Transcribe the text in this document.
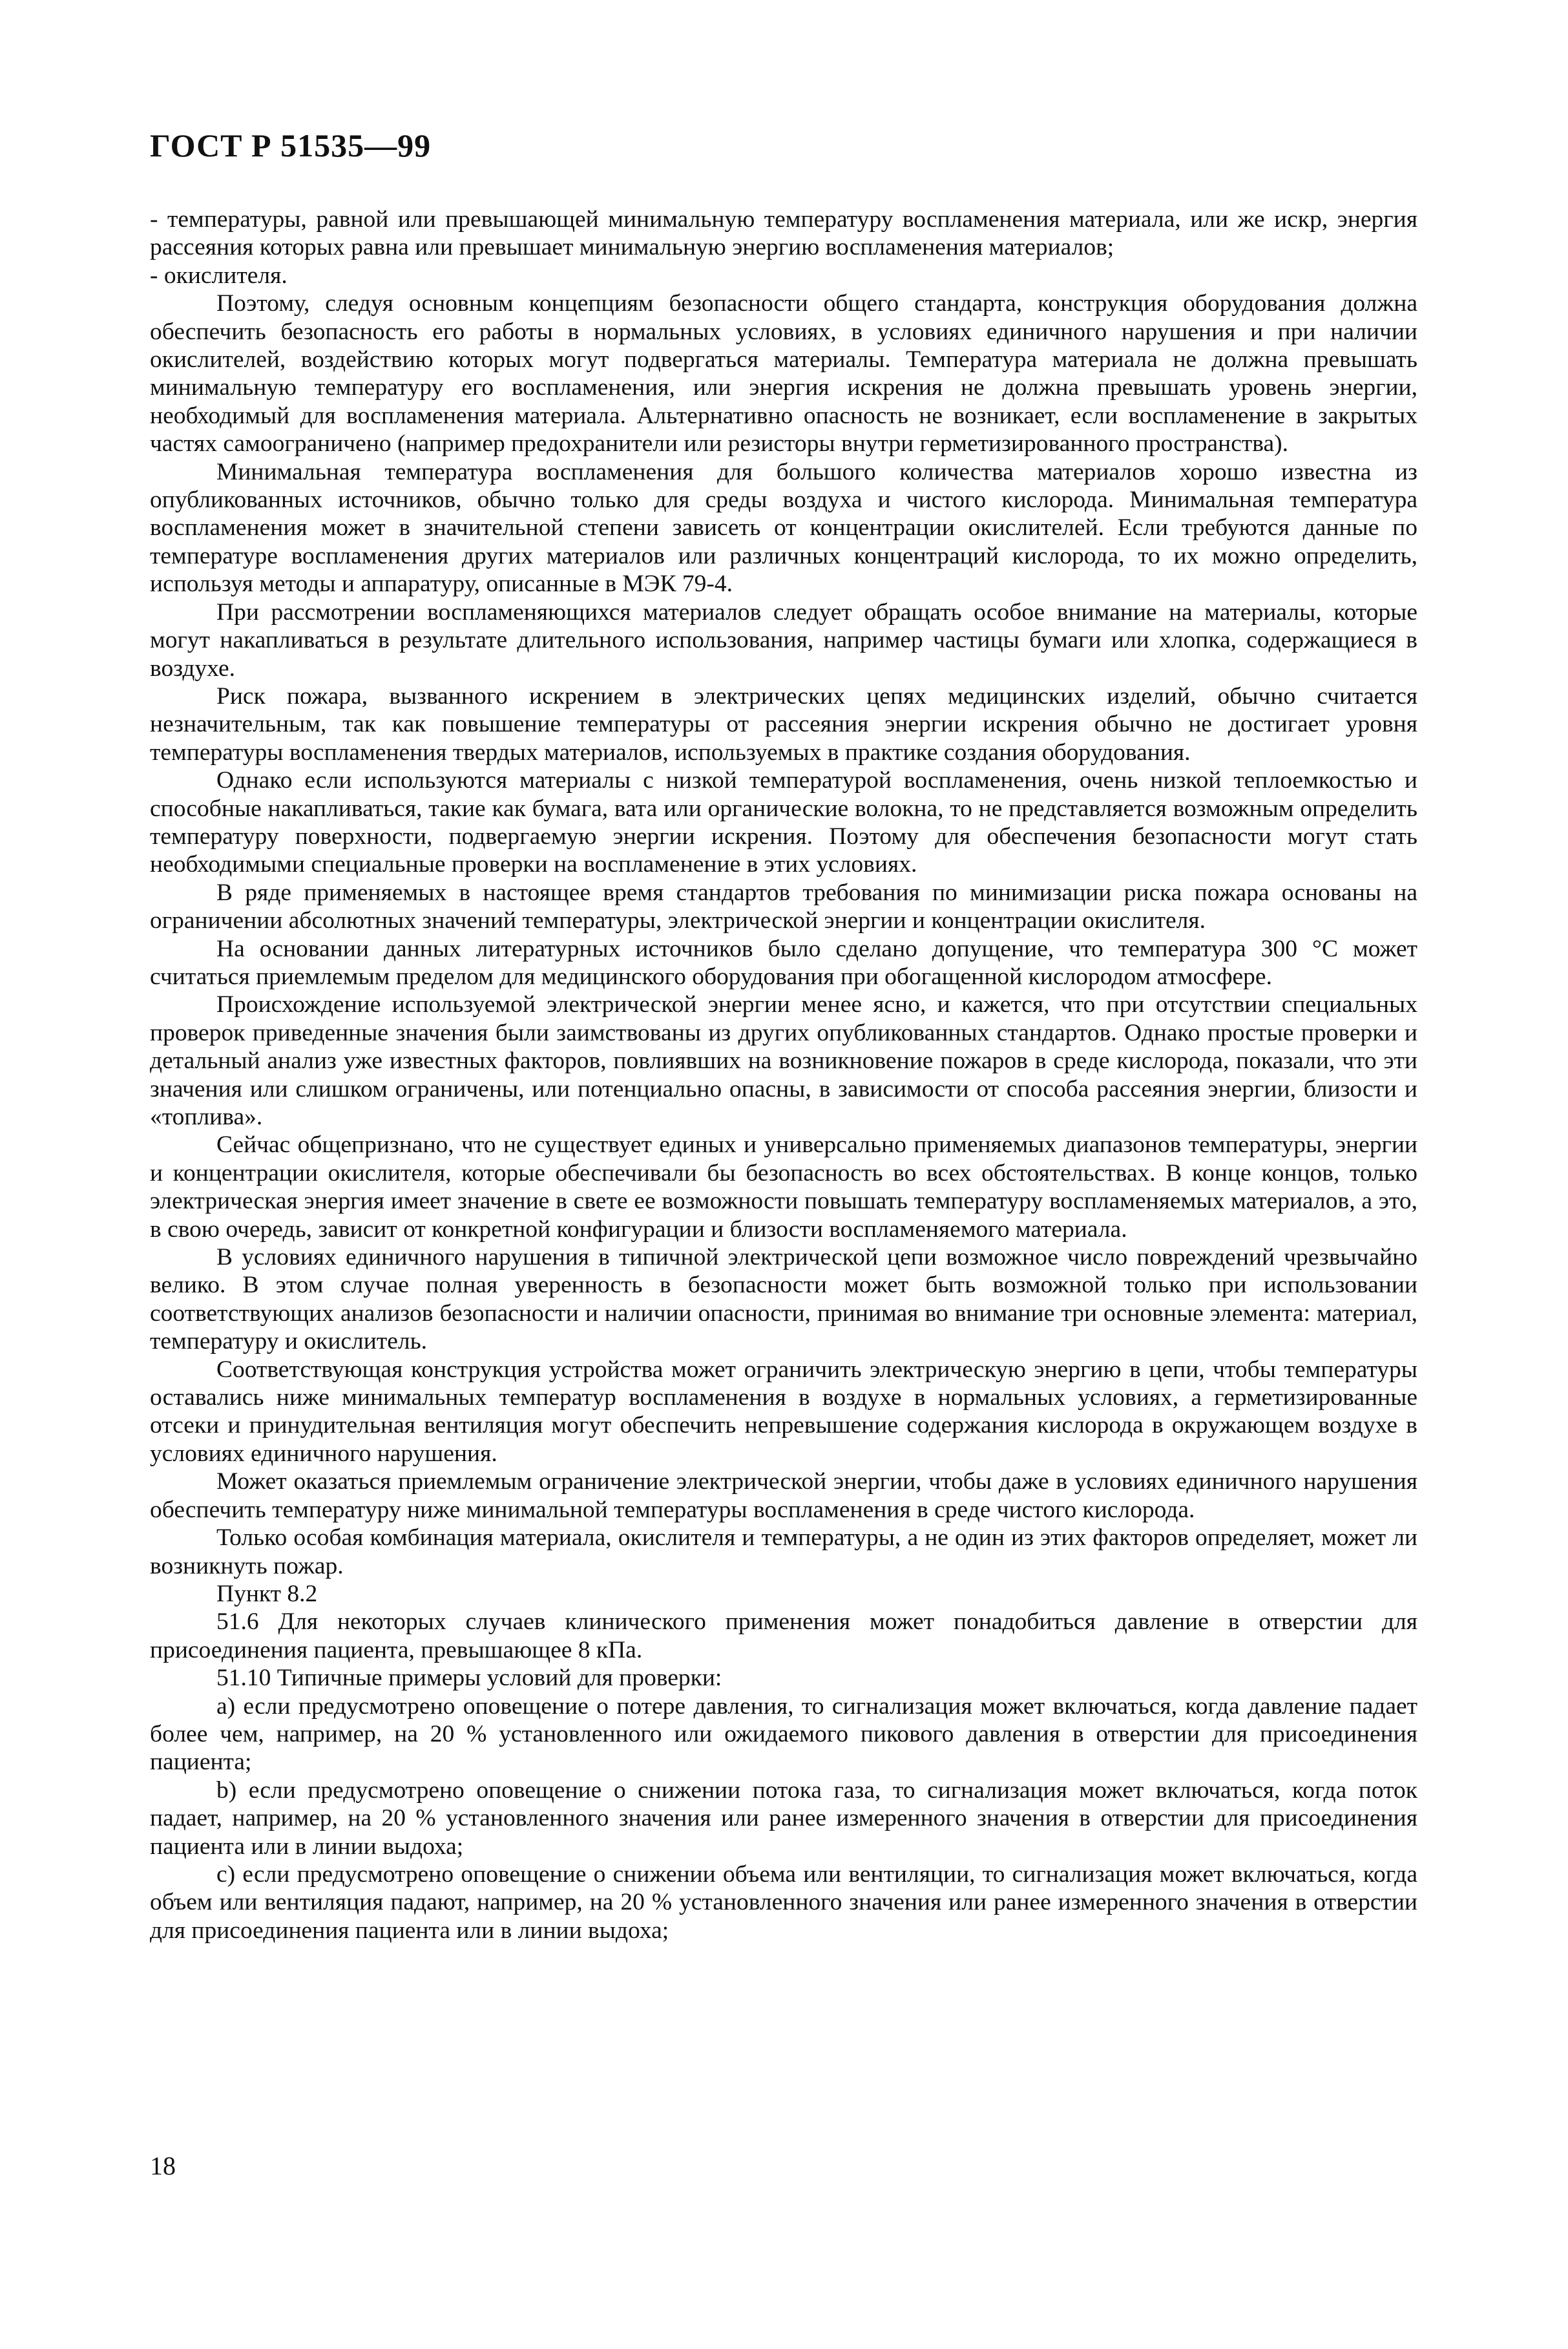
ГОСТ Р 51535—99

- температуры, равной или превышающей минимальную температуру воспламенения материала, или же искр, энергия рассеяния которых равна или превышает минимальную энергию воспламенения материалов;

- окислителя.

Поэтому, следуя основным концепциям безопасности общего стандарта, конструкция оборудования должна обеспечить безопасность его работы в нормальных условиях, в условиях единичного нарушения и при наличии окислителей, воздействию которых могут подвергаться материалы. Температура материала не должна превышать минимальную температуру его воспламенения, или энергия искрения не должна превышать уровень энергии, необходимый для воспламенения материала. Альтернативно опасность не возникает, если воспламенение в закрытых частях самоограничено (например предохранители или резисторы внутри герметизированного пространства).

Минимальная температура воспламенения для большого количества материалов хорошо известна из опубликованных источников, обычно только для среды воздуха и чистого кислорода. Минимальная температура воспламенения может в значительной степени зависеть от концентрации окислителей. Если требуются данные по температуре воспламенения других материалов или различных концентраций кислорода, то их можно определить, используя методы и аппаратуру, описанные в МЭК 79-4.

При рассмотрении воспламеняющихся материалов следует обращать особое внимание на материалы, которые могут накапливаться в результате длительного использования, например частицы бумаги или хлопка, содержащиеся в воздухе.

Риск пожара, вызванного искрением в электрических цепях медицинских изделий, обычно считается незначительным, так как повышение температуры от рассеяния энергии искрения обычно не достигает уровня температуры воспламенения твердых материалов, используемых в практике создания оборудования.

Однако если используются материалы с низкой температурой воспламенения, очень низкой теплоемкостью и способные накапливаться, такие как бумага, вата или органические волокна, то не представляется возможным определить температуру поверхности, подвергаемую энергии искрения. Поэтому для обеспечения безопасности могут стать необходимыми специальные проверки на воспламенение в этих условиях.

В ряде применяемых в настоящее время стандартов требования по минимизации риска пожара основаны на ограничении абсолютных значений температуры, электрической энергии и концентрации окислителя.

На основании данных литературных источников было сделано допущение, что температура 300 °С может считаться приемлемым пределом для медицинского оборудования при обогащенной кислородом атмосфере.

Происхождение используемой электрической энергии менее ясно, и кажется, что при отсутствии специальных проверок приведенные значения были заимствованы из других опубликованных стандартов. Однако простые проверки и детальный анализ уже известных факторов, повлиявших на возникновение пожаров в среде кислорода, показали, что эти значения или слишком ограничены, или потенциально опасны, в зависимости от способа рассеяния энергии, близости и «топлива».

Сейчас общепризнано, что не существует единых и универсально применяемых диапазонов температуры, энергии и концентрации окислителя, которые обеспечивали бы безопасность во всех обстоятельствах. В конце концов, только электрическая энергия имеет значение в свете ее возможности повышать температуру воспламеняемых материалов, а это, в свою очередь, зависит от конкретной конфигурации и близости воспламеняемого материала.

В условиях единичного нарушения в типичной электрической цепи возможное число повреждений чрезвычайно велико. В этом случае полная уверенность в безопасности может быть возможной только при использовании соответствующих анализов безопасности и наличии опасности, принимая во внимание три основные элемента: материал, температуру и окислитель.

Соответствующая конструкция устройства может ограничить электрическую энергию в цепи, чтобы температуры оставались ниже минимальных температур воспламенения в воздухе в нормальных условиях, а герметизированные отсеки и принудительная вентиляция могут обеспечить непревышение содержания кислорода в окружающем воздухе в условиях единичного нарушения.

Может оказаться приемлемым ограничение электрической энергии, чтобы даже в условиях единичного нарушения обеспечить температуру ниже минимальной температуры воспламенения в среде чистого кислорода.

Только особая комбинация материала, окислителя и температуры, а не один из этих факторов определяет, может ли возникнуть пожар.

Пункт 8.2

51.6 Для некоторых случаев клинического применения может понадобиться давление в отверстии для присоединения пациента, превышающее 8 кПа.

51.10 Типичные примеры условий для проверки:

а) если предусмотрено оповещение о потере давления, то сигнализация может включаться, когда давление падает более чем, например, на 20 % установленного или ожидаемого пикового давления в отверстии для присоединения пациента;

b) если предусмотрено оповещение о снижении потока газа, то сигнализация может включаться, когда поток падает, например, на 20 % установленного значения или ранее измеренного значения в отверстии для присоединения пациента или в линии выдоха;

с) если предусмотрено оповещение о снижении объема или вентиляции, то сигнализация может включаться, когда объем или вентиляция падают, например, на 20 % установленного значения или ранее измеренного значения в отверстии для присоединения пациента или в линии выдоха;

18
